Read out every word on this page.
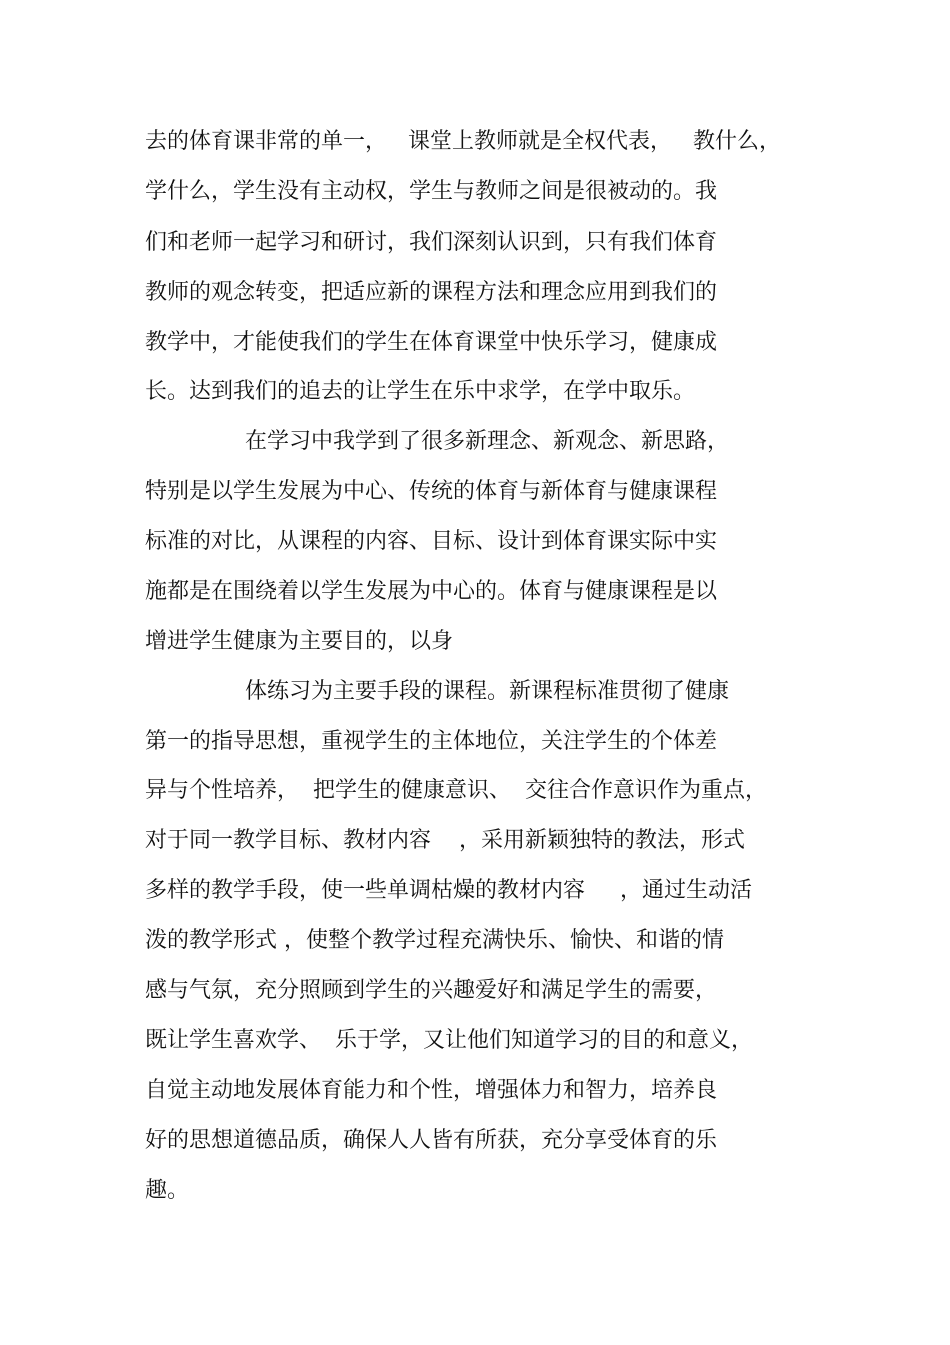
去的体育课非常的单一，   课堂上教师就是全权代表，   教什么，
学什么，学生没有主动权，学生与教师之间是很被动的。我
们和老师一起学习和研讨，我们深刻认识到，只有我们体育
教师的观念转变，把适应新的课程方法和理念应用到我们的
教学中，才能使我们的学生在体育课堂中快乐学习，健康成
长。达到我们的追去的让学生在乐中求学，在学中取乐。
在学习中我学到了很多新理念、新观念、新思路，
特别是以学生发展为中心、传统的体育与新体育与健康课程
标准的对比，从课程的内容、目标、设计到体育课实际中实
施都是在围绕着以学生发展为中心的。体育与健康课程是以
增进学生健康为主要目的，以身
体练习为主要手段的课程。新课程标准贯彻了健康
第一的指导思想，重视学生的主体地位，关注学生的个体差
异与个性培养，  把学生的健康意识、  交往合作意识作为重点，
对于同一教学目标、教材内容    ，采用新颖独特的教法，形式
多样的教学手段，使一些单调枯燥的教材内容     ，通过生动活
泼的教学形式 ，使整个教学过程充满快乐、愉快、和谐的情
感与气氛，充分照顾到学生的兴趣爱好和满足学生的需要，
既让学生喜欢学、  乐于学，又让他们知道学习的目的和意义，
自觉主动地发展体育能力和个性，增强体力和智力，培养良
好的思想道德品质，确保人人皆有所获，充分享受体育的乐
趣。
